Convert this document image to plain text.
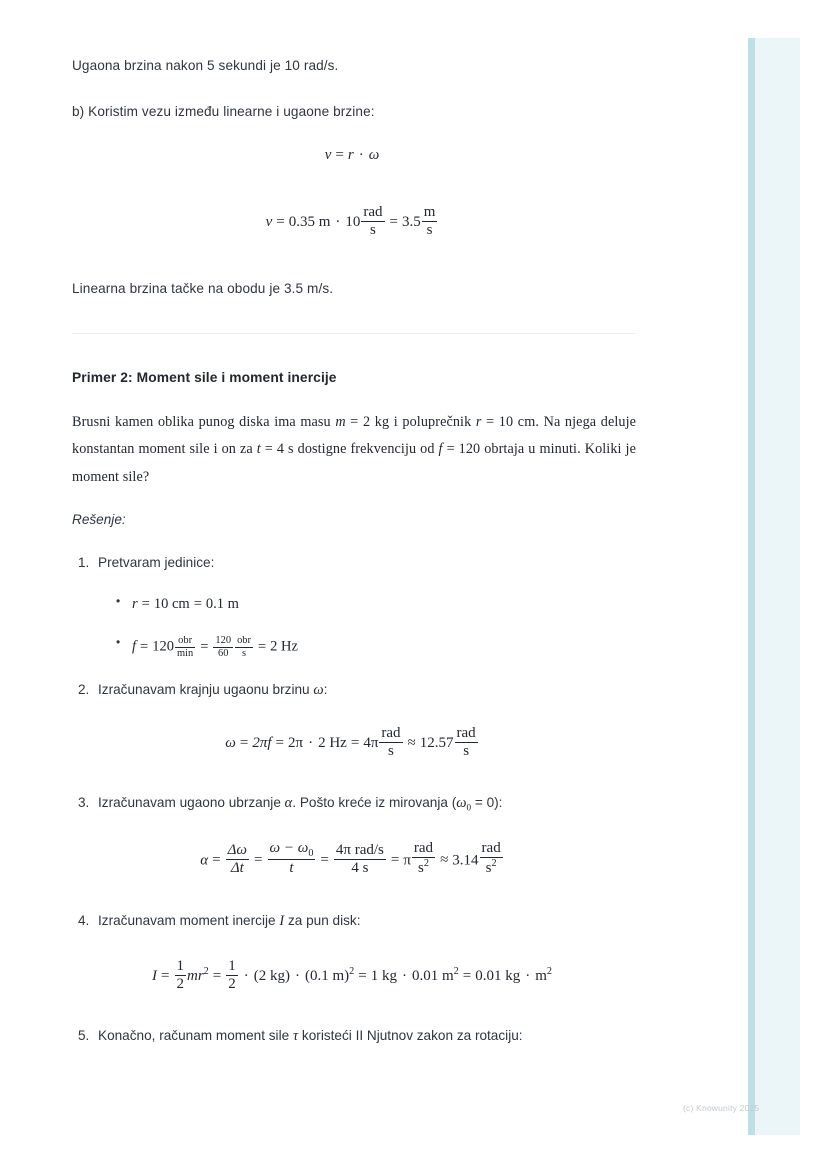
Ugaona brzina nakon 5 sekundi je 10 rad/s.

b) Koristim vezu između linearne i ugaone brzine:

v = r · ω
v = 0.35 $m \cdot 10 \frac{\text{rad}}{s} = 3.5 \frac{m}{s}$

Linearna brzina tačke na obodu je 3.5 m/s.

Primer 2: Moment sile i moment inercije

Brusni kamen oblika punog diska ima masu m = 2 kg i poluprečnik r = 10 cm. Na njega deluje konstantan moment sile i on za t = 4 s dostigne frekvenciju od f = 120 obrtaja u minuti. Koliki je moment sile?

Rešenje:

1. Pretvaram jedinice:
• r = 10 cm = 0.1 m
• $f = 120 \frac{\text{obr}}{\min} = \frac{120}{60} \frac{\text{obr}}{s} = 2$ Hz
2. Izračunavam krajnju ugaonu brzinu ω:
ω = 2πf = 2π · 2 $Hz = 4\pi \frac{\text{rad}}{s} \approx 12.57 \frac{\text{rad}}{s}$
3. Izračunavam ugaono ubrzanje α. Pošto kreće iz mirovanja $(\omega_0 = 0)$:
$\alpha = \frac{\Delta\omega}{\Delta t} = \frac{\omega - \omega_0}{t} = \frac{\text{4π rad/s}}{4 s} = \pi \frac{\text{rad}}{s^2} \approx 3.14 \frac{\text{rad}}{s^2}$
4. Izračunavam moment inercije I za pun disk:
$I = \frac{1}{2} mr^2 = \frac{1}{2} \cdot (2$ kg) · (0.1 m)$^2$ = 1 kg · 0.01 $m^2 = 0.01$ kg · $m^2$
5. Konačno, računam moment sile τ koristeći II Njutnov zakon za rotaciju:
(c) Knowunity 2025
